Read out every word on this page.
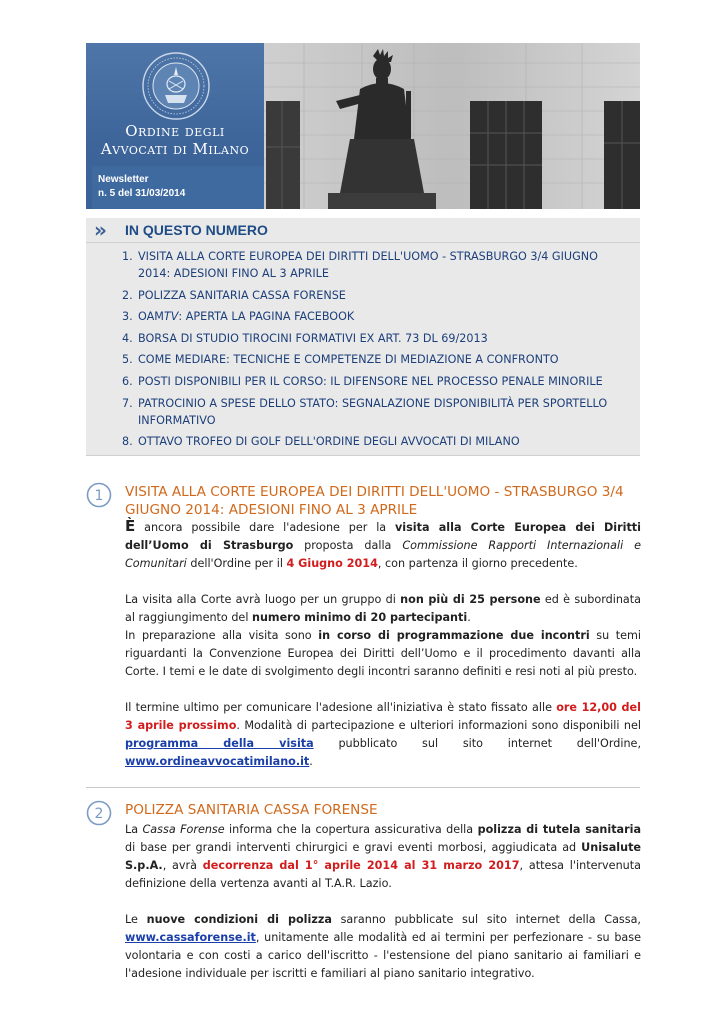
Ordine degli
Avvocati di Milano
Newsletter
n. 5 del 31/03/2014
» IN QUESTO NUMERO
1. VISITA ALLA CORTE EUROPEA DEI DIRITTI DELL'UOMO - STRASBURGO 3/4 GIUGNO 2014: ADESIONI FINO AL 3 APRILE
2. POLIZZA SANITARIA CASSA FORENSE
3. OAMTV: APERTA LA PAGINA FACEBOOK
4. BORSA DI STUDIO TIROCINI FORMATIVI EX ART. 73 DL 69/2013
5. COME MEDIARE: TECNICHE E COMPETENZE DI MEDIAZIONE A CONFRONTO
6. POSTI DISPONIBILI PER IL CORSO: IL DIFENSORE NEL PROCESSO PENALE MINORILE
7. PATROCINIO A SPESE DELLO STATO: SEGNALAZIONE DISPONIBILITÀ PER SPORTELLO INFORMATIVO
8. OTTAVO TROFEO DI GOLF DELL'ORDINE DEGLI AVVOCATI DI MILANO
1 VISITA ALLA CORTE EUROPEA DEI DIRITTI DELL'UOMO - STRASBURGO 3/4 GIUGNO 2014: ADESIONI FINO AL 3 APRILE

È ancora possibile dare l'adesione per la visita alla Corte Europea dei Diritti dell’Uomo di Strasburgo proposta dalla Commissione Rapporti Internazionali e Comunitari dell'Ordine per il 4 Giugno 2014, con partenza il giorno precedente.

La visita alla Corte avrà luogo per un gruppo di non più di 25 persone ed è subordinata al raggiungimento del numero minimo di 20 partecipanti.

In preparazione alla visita sono in corso di programmazione due incontri su temi riguardanti la Convenzione Europea dei Diritti dell’Uomo e il procedimento davanti alla Corte. I temi e le date di svolgimento degli incontri saranno definiti e resi noti al più presto.

Il termine ultimo per comunicare l'adesione all'iniziativa è stato fissato alle ore 12,00 del 3 aprile prossimo. Modalità di partecipazione e ulteriori informazioni sono disponibili nel programma della visita pubblicato sul sito internet dell'Ordine, www.ordineavvocatimilano.it.

2 POLIZZA SANITARIA CASSA FORENSE

La Cassa Forense informa che la copertura assicurativa della polizza di tutela sanitaria di base per grandi interventi chirurgici e gravi eventi morbosi, aggiudicata ad Unisalute S.p.A., avrà decorrenza dal 1° aprile 2014 al 31 marzo 2017, attesa l'intervenuta definizione della vertenza avanti al T.A.R. Lazio.

Le nuove condizioni di polizza saranno pubblicate sul sito internet della Cassa, www.cassaforense.it, unitamente alle modalità ed ai termini per perfezionare - su base volontaria e con costi a carico dell'iscritto - l'estensione del piano sanitario ai familiari e l'adesione individuale per iscritti e familiari al piano sanitario integrativo.
